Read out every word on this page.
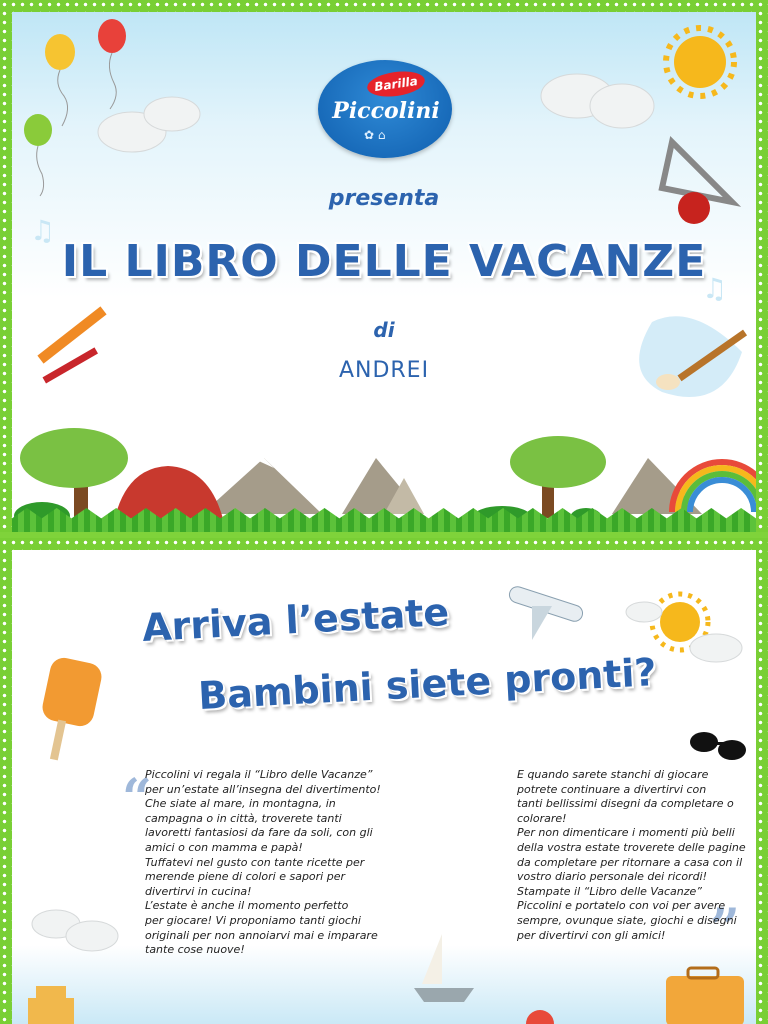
♫
♫
Barilla
Piccolini
✿ ⌂
presenta
IL LIBRO DELLE VACANZE
di
ANDREI
Arriva l’estate
Bambini siete pronti?
“
”
Piccolini vi regala il “Libro delle Vacanze”
per un’estate all’insegna del divertimento!
Che siate al mare, in montagna, in
campagna o in città, troverete tanti
lavoretti fantasiosi da fare da soli, con gli
amici o con mamma e papà!
Tuffatevi nel gusto con tante ricette per
merende piene di colori e sapori per
divertirvi in cucina!
L’estate è anche il momento perfetto
per giocare! Vi proponiamo tanti giochi
originali per non annoiarvi mai e imparare
tante cose nuove!
E quando sarete stanchi di giocare
potrete continuare a divertirvi con
tanti bellissimi disegni da completare o
colorare!
Per non dimenticare i momenti più belli
della vostra estate troverete delle pagine
da completare per ritornare a casa con il
vostro diario personale dei ricordi!
Stampate il “Libro delle Vacanze”
Piccolini e portatelo con voi per avere
sempre, ovunque siate, giochi e disegni
per divertirvi con gli amici!
